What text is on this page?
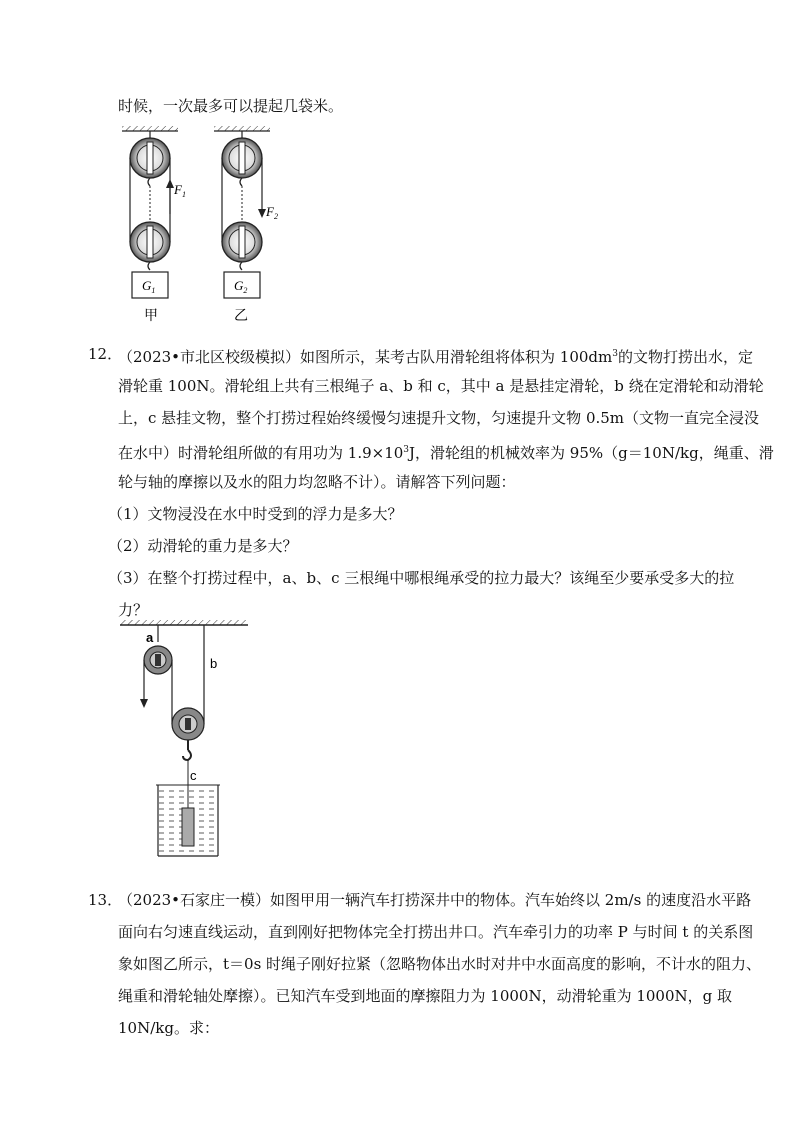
时候，一次最多可以提起几袋米。
$F_1$
$G_1$
甲
$F_2$
$G_2$
乙
12．
（2023•市北区校级模拟）如图所示，某考古队用滑轮组将体积为 $100dm^3$的文物打捞出水，定
滑轮重 100N。滑轮组上共有三根绳子 a、b 和 c，其中 a 是悬挂定滑轮，b 绕在定滑轮和动滑轮
上，c 悬挂文物，整个打捞过程始终缓慢匀速提升文物，匀速提升文物 0.5m（文物一直完全浸没
在水中）时滑轮组所做的有用功为 $1.9\times 10^3J$，滑轮组的机械效率为 95%（g＝10N/kg，绳重、滑
轮与轴的摩擦以及水的阻力均忽略不计）。请解答下列问题：
（1）文物浸没在水中时受到的浮力是多大？
（2）动滑轮的重力是多大？
（3）在整个打捞过程中，a、b、c 三根绳中哪根绳承受的拉力最大？该绳至少要承受多大的拉
力？
b
a
c
13．
（2023•石家庄一模）如图甲用一辆汽车打捞深井中的物体。汽车始终以 2m/s 的速度沿水平路
面向右匀速直线运动，直到刚好把物体完全打捞出井口。汽车牵引力的功率 P 与时间 t 的关系图
象如图乙所示，t＝0s 时绳子刚好拉紧（忽略物体出水时对井中水面高度的影响，不计水的阻力、
绳重和滑轮轴处摩擦）。已知汽车受到地面的摩擦阻力为 1000N，动滑轮重为 1000N，g 取
10N/kg。求：
